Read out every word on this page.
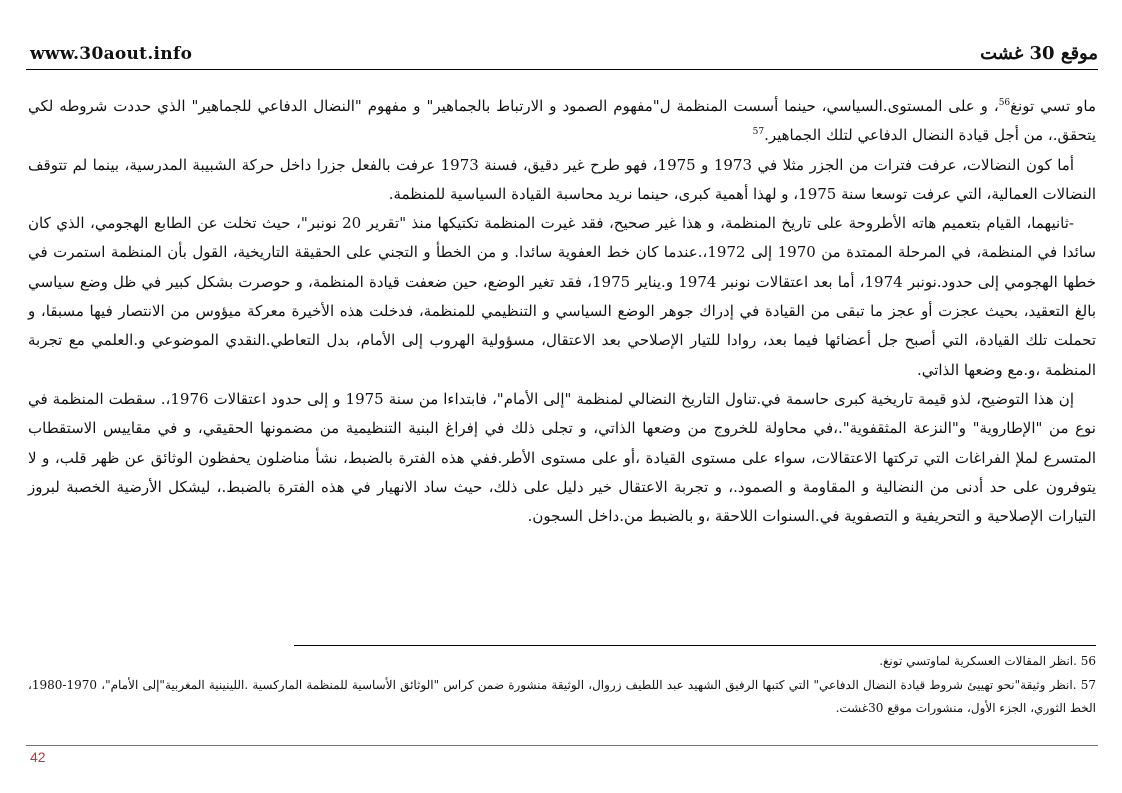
www.30aout.info	موقع 30 غشت

ماو تسي تونغ$^{56}$، و على المستوى.السياسي، حينما أسست المنظمة ل"مفهوم الصمود و الارتباط بالجماهير" و مفهوم "النضال الدفاعي للجماهير" الذي حددت شروطه لكي يتحقق.، من أجل قيادة النضال الدفاعي لتلك الجماهير.$^{57}$

أما كون النضالات، عرفت فترات من الجزر مثلا في 1973 و 1975، فهو طرح غير دقيق، فسنة 1973 عرفت بالفعل جزرا داخل حركة الشبيبة المدرسية، بينما لم تتوقف النضالات العمالية، التي عرفت توسعا سنة 1975، و لهذا أهمية كبرى، حينما نريد محاسبة القيادة السياسية للمنظمة.

-ثانيهما، القيام بتعميم هاته الأطروحة على تاريخ المنظمة، و هذا غير صحيح، فقد غيرت المنظمة تكتيكها منذ "تقرير 20 نونبر"، حيث تخلت عن الطابع الهجومي، الذي كان سائدا في المنظمة، في المرحلة الممتدة من 1970 إلى 1972،.عندما كان خط العفوية سائدا. و من الخطأ و التجني على الحقيقة التاريخية، القول بأن المنظمة استمرت في خطها الهجومي إلى حدود.نونبر 1974، أما بعد اعتقالات نونبر 1974 و.يناير 1975، فقد تغير الوضع، حين ضعفت قيادة المنظمة، و حوصرت بشكل كبير في ظل وضع سياسي بالغ التعقيد، بحيث عجزت أو عجز ما تبقى من القيادة في إدراك جوهر الوضع السياسي و التنظيمي للمنظمة، فدخلت هذه الأخيرة معركة ميؤوس من الانتصار فيها مسبقا، و تحملت تلك القيادة، التي أصبح جل أعضائها فيما بعد، روادا للتيار الإصلاحي بعد الاعتقال، مسؤولية الهروب إلى الأمام، بدل التعاطي.النقدي الموضوعي و.العلمي مع تجربة المنظمة ،و.مع وضعها الذاتي.

إن هذا التوضيح، لذو قيمة تاريخية كبرى حاسمة في.تناول التاريخ النضالي لمنظمة "إلى الأمام"، فابتداءا من سنة 1975 و إلى حدود اعتقالات 1976،. سقطت المنظمة في نوع من "الإطاروية" و"النزعة المثقفوية".،في محاولة للخروج من وضعها الذاتي، و تجلى ذلك في إفراغ البنية التنظيمية من مضمونها الحقيقي، و في مقاييس الاستقطاب المتسرع لملإ الفراغات التي تركتها الاعتقالات، سواء على مستوى القيادة ،أو على مستوى الأطر.ففي هذه الفترة بالضبط، نشأ مناضلون يحفظون الوثائق عن ظهر قلب، و لا يتوفرون على حد أدنى من النضالية و المقاومة و الصمود.، و تجربة الاعتقال خير دليل على ذلك، حيث ساد الانهيار في هذه الفترة بالضبط.، ليشكل الأرضية الخصبة لبروز التيارات الإصلاحية و التحريفية و التصفوية في.السنوات اللاحقة ،و بالضبط من.داخل السجون.

56 .انظر المقالات العسكرية لماوتسي تونغ.

57 .انظر وثيقة"نحو تهييئ شروط قيادة النضال الدفاعي" التي كتبها الرفيق الشهيد عبد اللطيف زروال، الوثيقة منشورة ضمن كراس "الوثائق الأساسية للمنظمة الماركسية .اللينينية المغربية"إلى الأمام"، 1970-1980، الخط الثوري، الجزء الأول، منشورات موقع 30غشت.

42
